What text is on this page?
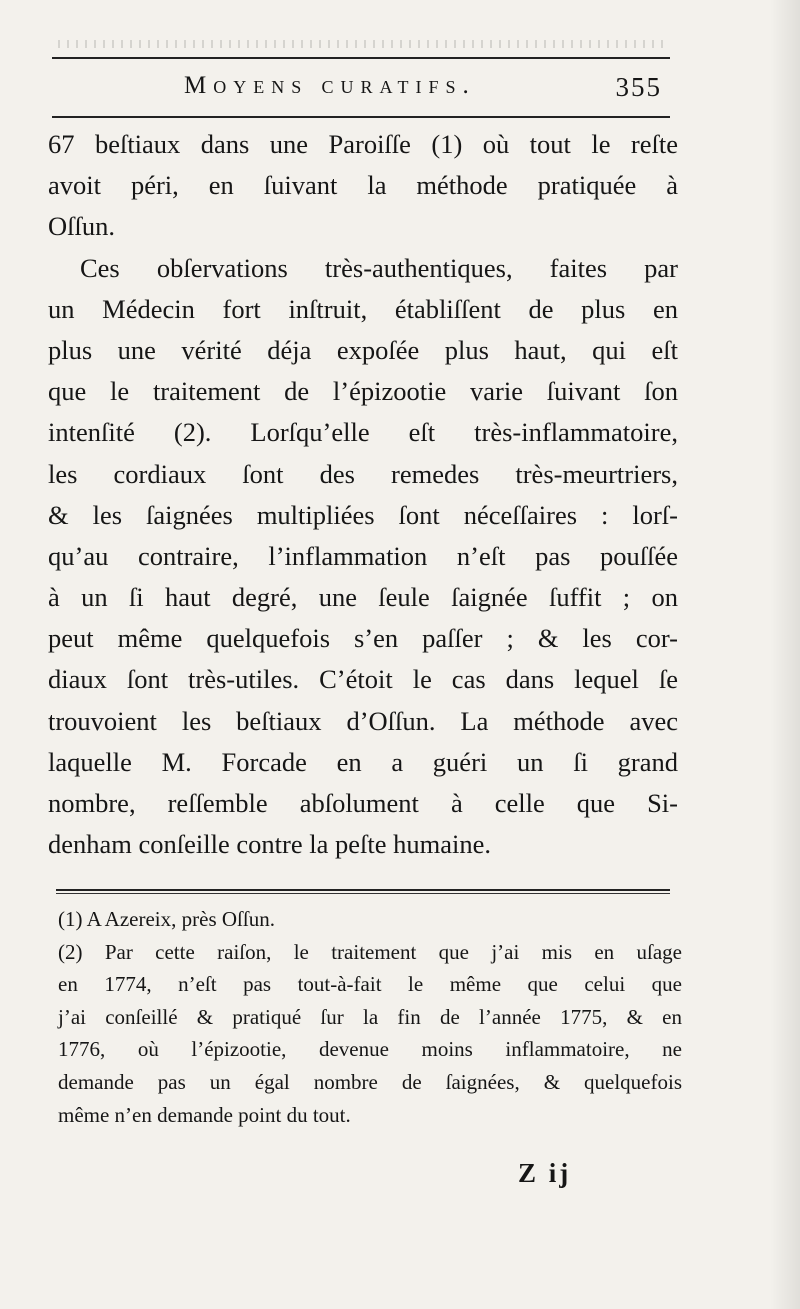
Moyens curatifs.	355
67 beſtiaux dans une Paroiſſe (1) où tout le reſte
avoit péri, en ſuivant la méthode pratiquée à
Oſſun.
Ces obſervations très-authentiques, faites par
un Médecin fort inſtruit, établiſſent de plus en
plus une vérité déja expoſée plus haut, qui eſt
que le traitement de l’épizootie varie ſuivant ſon
intenſité (2). Lorſqu’elle eſt très-inflammatoire,
les cordiaux ſont des remedes très-meurtriers,
& les ſaignées multipliées ſont néceſſaires : lorſ-
qu’au contraire, l’inflammation n’eſt pas pouſſée
à un ſi haut degré, une ſeule ſaignée ſuffit ; on
peut même quelquefois s’en paſſer ; & les cor-
diaux ſont très-utiles. C’étoit le cas dans lequel ſe
trouvoient les beſtiaux d’Oſſun. La méthode avec
laquelle M. Forcade en a guéri un ſi grand
nombre, reſſemble abſolument à celle que Si-
denham conſeille contre la peſte humaine.
(1) A Azereix, près Oſſun.
(2) Par cette raiſon, le traitement que j’ai mis en uſage
en 1774, n’eſt pas tout-à-fait le même que celui que
j’ai conſeillé & pratiqué ſur la fin de l’année 1775, & en
1776, où l’épizootie, devenue moins inflammatoire, ne
demande pas un égal nombre de ſaignées, & quelquefois
même n’en demande point du tout.
Z ij
